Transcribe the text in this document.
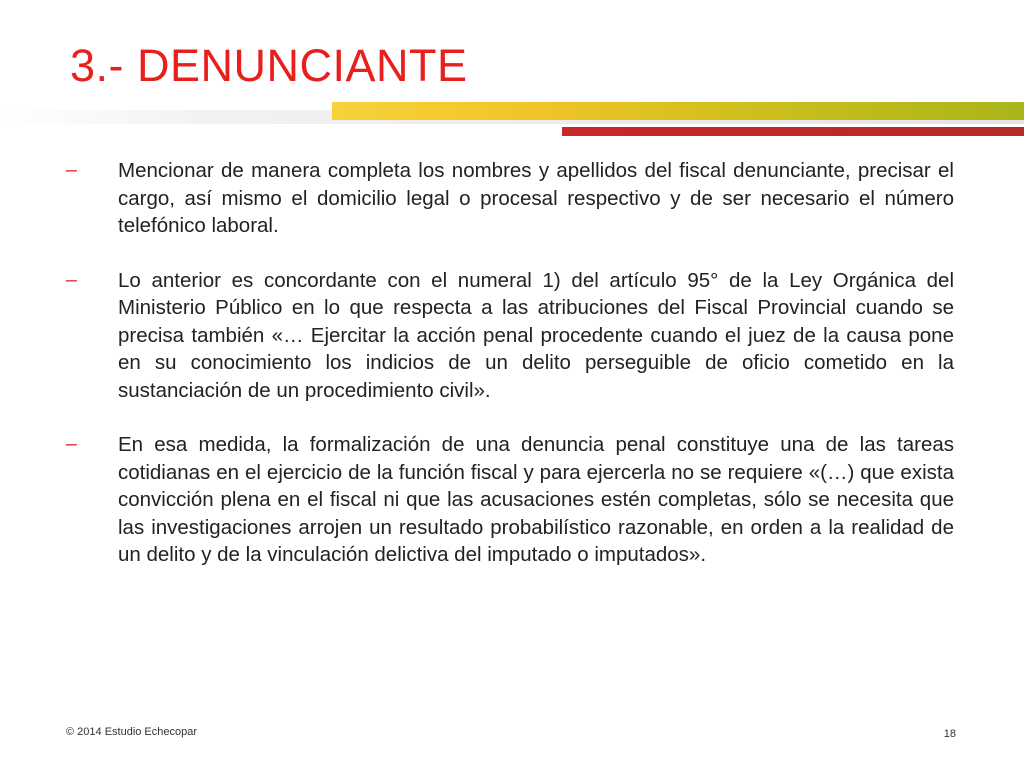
3.- DENUNCIANTE
–	Mencionar de manera completa los nombres y apellidos del fiscal denunciante, precisar el cargo, así mismo el domicilio legal o procesal respectivo y de ser necesario el número telefónico laboral.

–	Lo anterior es concordante con el numeral 1) del artículo 95° de la Ley Orgánica del Ministerio Público en lo que respecta a las atribuciones del Fiscal Provincial cuando se precisa también «… Ejercitar la acción penal procedente cuando el juez de la causa pone en su conocimiento los indicios de un delito perseguible de oficio cometido en la sustanciación de un procedimiento civil».

–	En esa medida, la formalización de una denuncia penal constituye una de las tareas cotidianas en el ejercicio de la función fiscal y para ejercerla no se requiere «(…) que exista convicción plena en el fiscal ni que las acusaciones estén completas, sólo se necesita que las investigaciones arrojen un resultado probabilístico razonable, en orden a la realidad de un delito y de la vinculación delictiva del imputado o imputados».

© 2014 Estudio Echecopar	18
